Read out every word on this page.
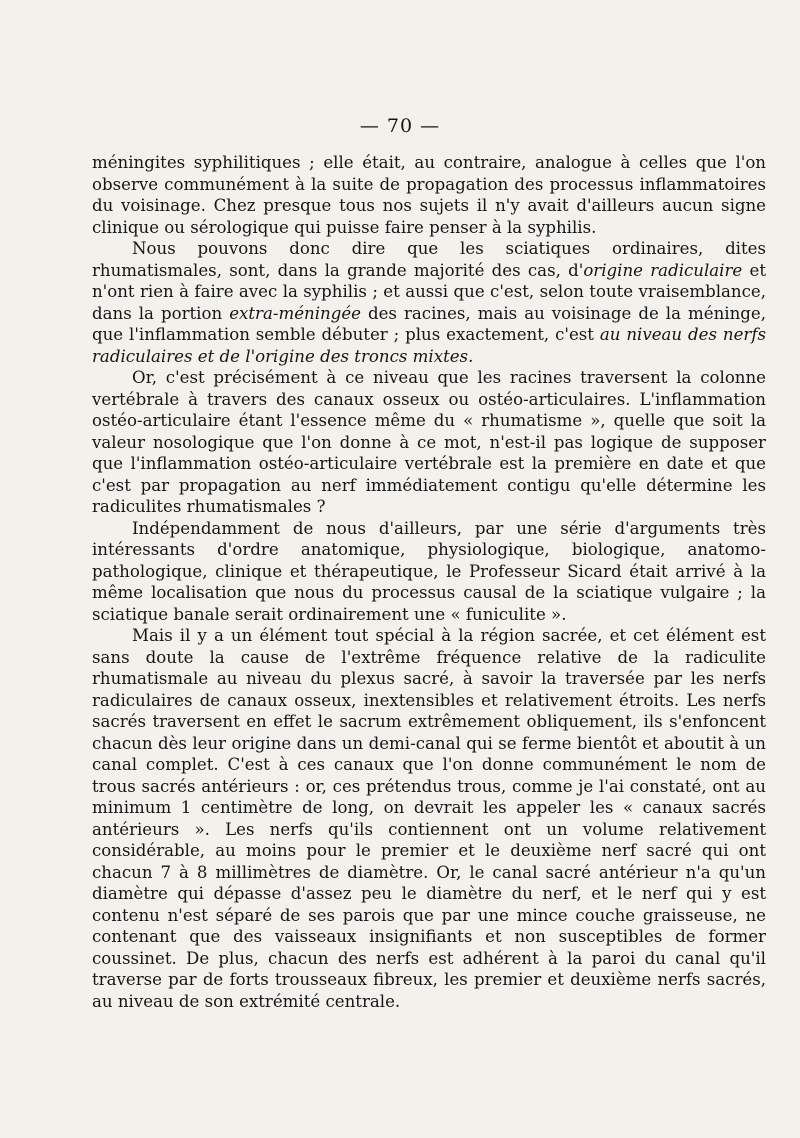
— 70 —

méningites syphilitiques ; elle était, au contraire, analogue à celles que l'on observe communément à la suite de propagation des processus inflammatoires du voisinage. Chez presque tous nos sujets il n'y avait d'ailleurs aucun signe clinique ou sérologique qui puisse faire penser à la syphilis.

Nous pouvons donc dire que les sciatiques ordinaires, dites rhumatismales, sont, dans la grande majorité des cas, d'origine radiculaire et n'ont rien à faire avec la syphilis ; et aussi que c'est, selon toute vraisemblance, dans la portion extra-méningée des racines, mais au voisinage de la méninge, que l'inflammation semble débuter ; plus exactement, c'est au niveau des nerfs radiculaires et de l'origine des troncs mixtes.

Or, c'est précisément à ce niveau que les racines traversent la colonne vertébrale à travers des canaux osseux ou ostéo-articulaires. L'inflammation ostéo-articulaire étant l'essence même du « rhumatisme », quelle que soit la valeur nosologique que l'on donne à ce mot, n'est-il pas logique de supposer que l'inflammation ostéo-articulaire vertébrale est la première en date et que c'est par propagation au nerf immédiatement contigu qu'elle détermine les radiculites rhumatismales ?

Indépendamment de nous d'ailleurs, par une série d'arguments très intéressants d'ordre anatomique, physiologique, biologique, anatomo-pathologique, clinique et thérapeutique, le Professeur Sicard était arrivé à la même localisation que nous du processus causal de la sciatique vulgaire ; la sciatique banale serait ordinairement une « funiculite ».

Mais il y a un élément tout spécial à la région sacrée, et cet élément est sans doute la cause de l'extrême fréquence relative de la radiculite rhumatismale au niveau du plexus sacré, à savoir la traversée par les nerfs radiculaires de canaux osseux, inextensibles et relativement étroits. Les nerfs sacrés traversent en effet le sacrum extrêmement obliquement, ils s'enfoncent chacun dès leur origine dans un demi-canal qui se ferme bientôt et aboutit à un canal complet. C'est à ces canaux que l'on donne communément le nom de trous sacrés antérieurs : or, ces prétendus trous, comme je l'ai constaté, ont au minimum 1 centimètre de long, on devrait les appeler les « canaux sacrés antérieurs ». Les nerfs qu'ils contiennent ont un volume relativement considérable, au moins pour le premier et le deuxième nerf sacré qui ont chacun 7 à 8 millimètres de diamètre. Or, le canal sacré antérieur n'a qu'un diamètre qui dépasse d'assez peu le diamètre du nerf, et le nerf qui y est contenu n'est séparé de ses parois que par une mince couche graisseuse, ne contenant que des vaisseaux insignifiants et non susceptibles de former coussinet. De plus, chacun des nerfs est adhérent à la paroi du canal qu'il traverse par de forts trousseaux fibreux, les premier et deuxième nerfs sacrés, au niveau de son extrémité centrale.
